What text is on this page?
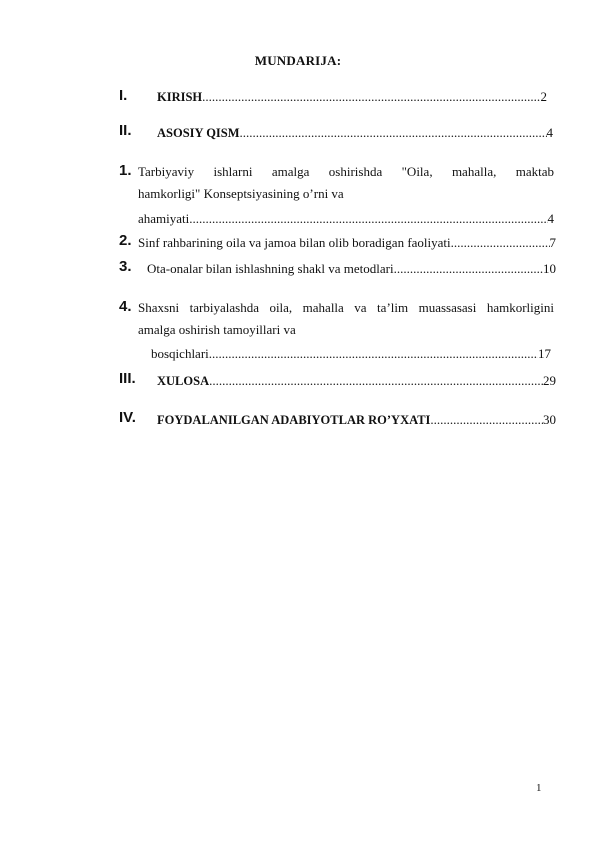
MUNDARIJA:
I. KIRISH .....	2
II. ASOSIY QISM .....	4
1. Tarbiyaviy ishlarni amalga oshirishda "Oila, mahalla, maktab
hamkorligi" Konseptsiyasining o’rni va
ahamiyati .....	4
2. Sinf rahbarining oila va jamoa bilan olib boradigan faoliyati .....	7
3. Ota-onalar bilan ishlashning shakl va metodlari .....	10
4. Shaxsni tarbiyalashda oila, mahalla va ta’lim muassasasi hamkorligini
amalga oshirish tamoyillari va
bosqichlari .....	17
III. XULOSA .....	29
IV. FOYDALANILGAN ADABIYOTLAR RO’YXATI .....	30
1
